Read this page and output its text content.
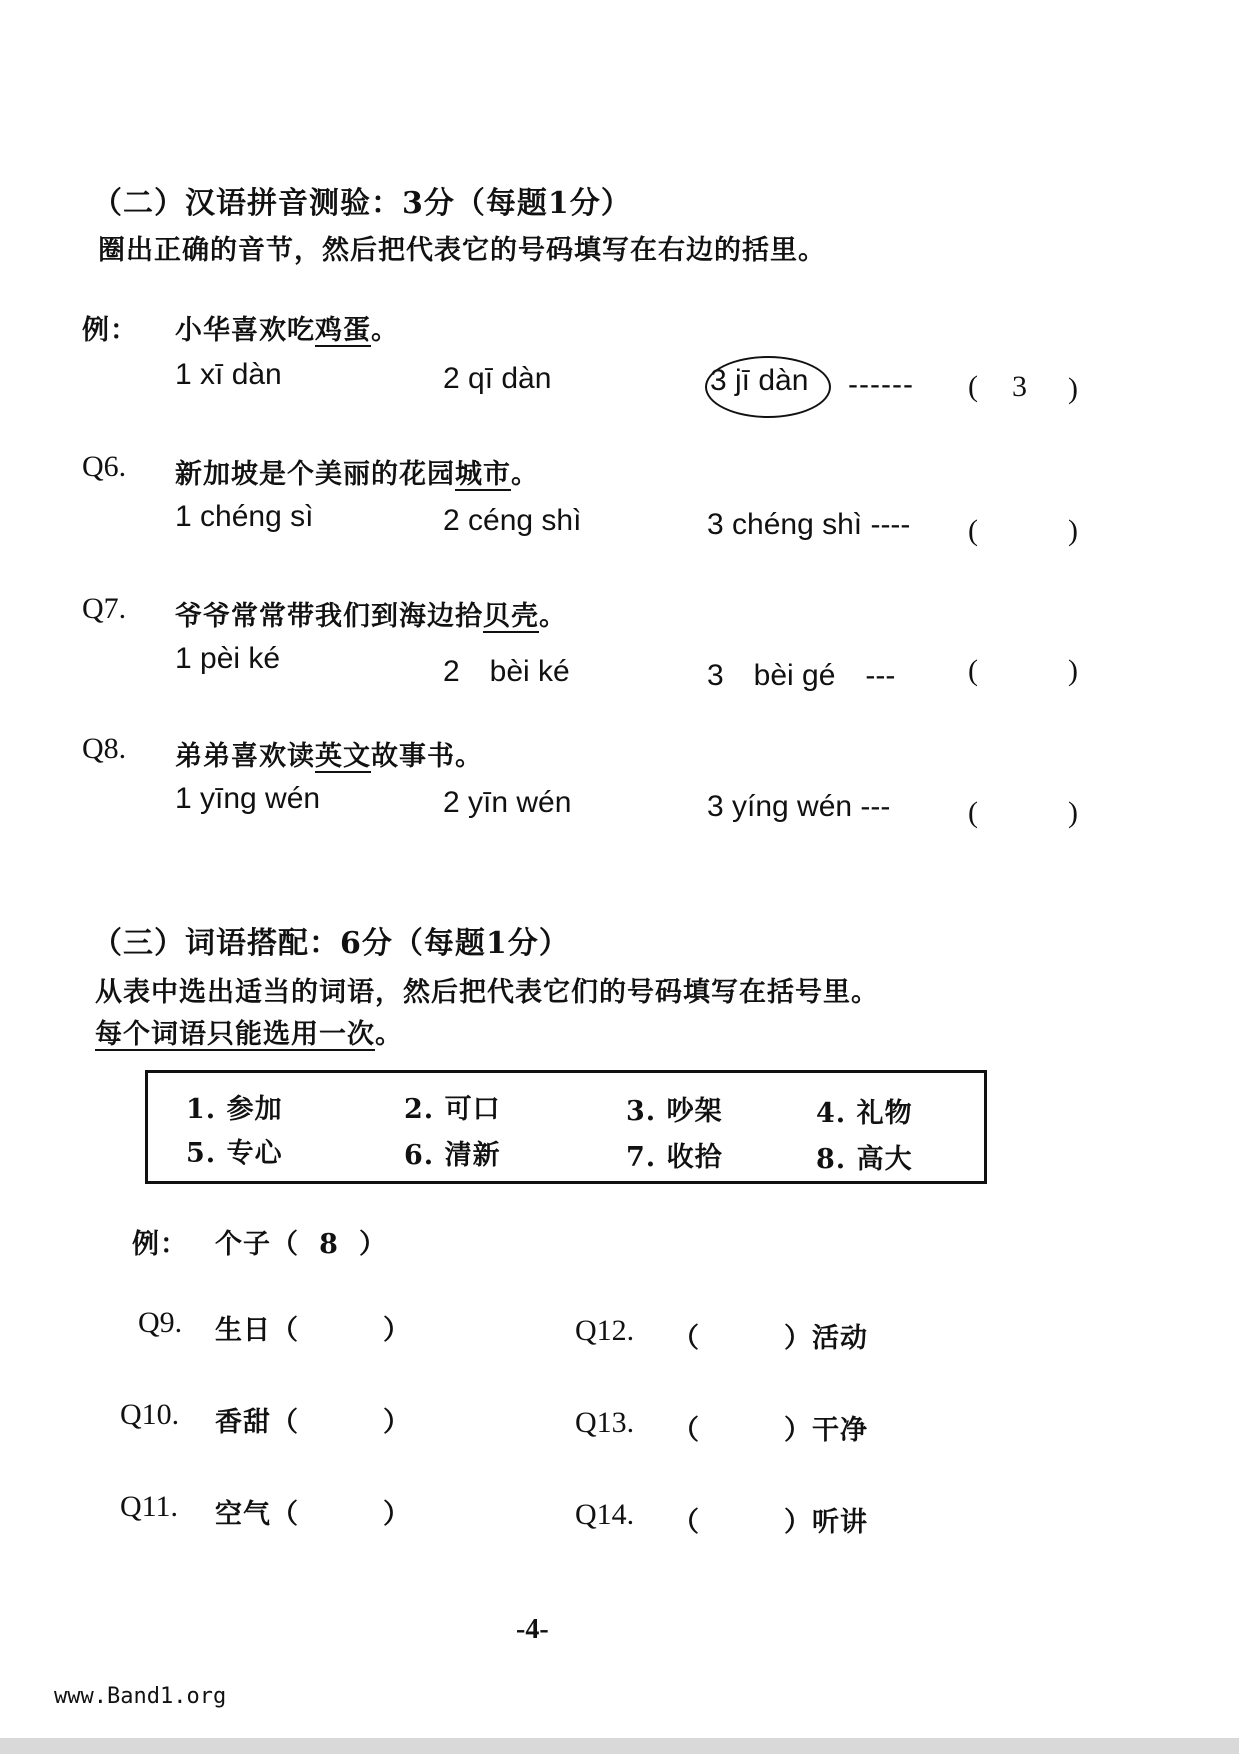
（二）汉语拼音测验：3分（每题1分）
圈出正确的音节，然后把代表它的号码填写在右边的括里。
例： 小华喜欢吃鸡蛋。
1 xī dàn	2 qī dàn	3 jī dàn ------ ( 3 )
Q6. 新加坡是个美丽的花园城市。
1 chéng sì	2 céng shì	3 chéng shì ---- (	)
Q7. 爷爷常常带我们到海边拾贝壳。
1 pèi ké	2　bèi ké	3　bèi gé　--- (	)
Q8. 弟弟喜欢读英文故事书。
1 yīng wén	2 yīn wén	3 yíng wén ---	(	)
（三）词语搭配：6分（每题1分）
从表中选出适当的词语，然后把代表它们的号码填写在括号里。
每个词语只能选用一次。
1. 参加	2. 可口	3. 吵架	4. 礼物
5. 专心	6. 清新	7. 收拾	8. 高大
例： 个子（ 8 ）
Q9. 生日（　　　）
Q10. 香甜（　　　）
Q11. 空气（　　　）
Q12. （　　　）活动
Q13. （　　　）干净
Q14. （　　　）听讲
-4-
www.Band1.org
